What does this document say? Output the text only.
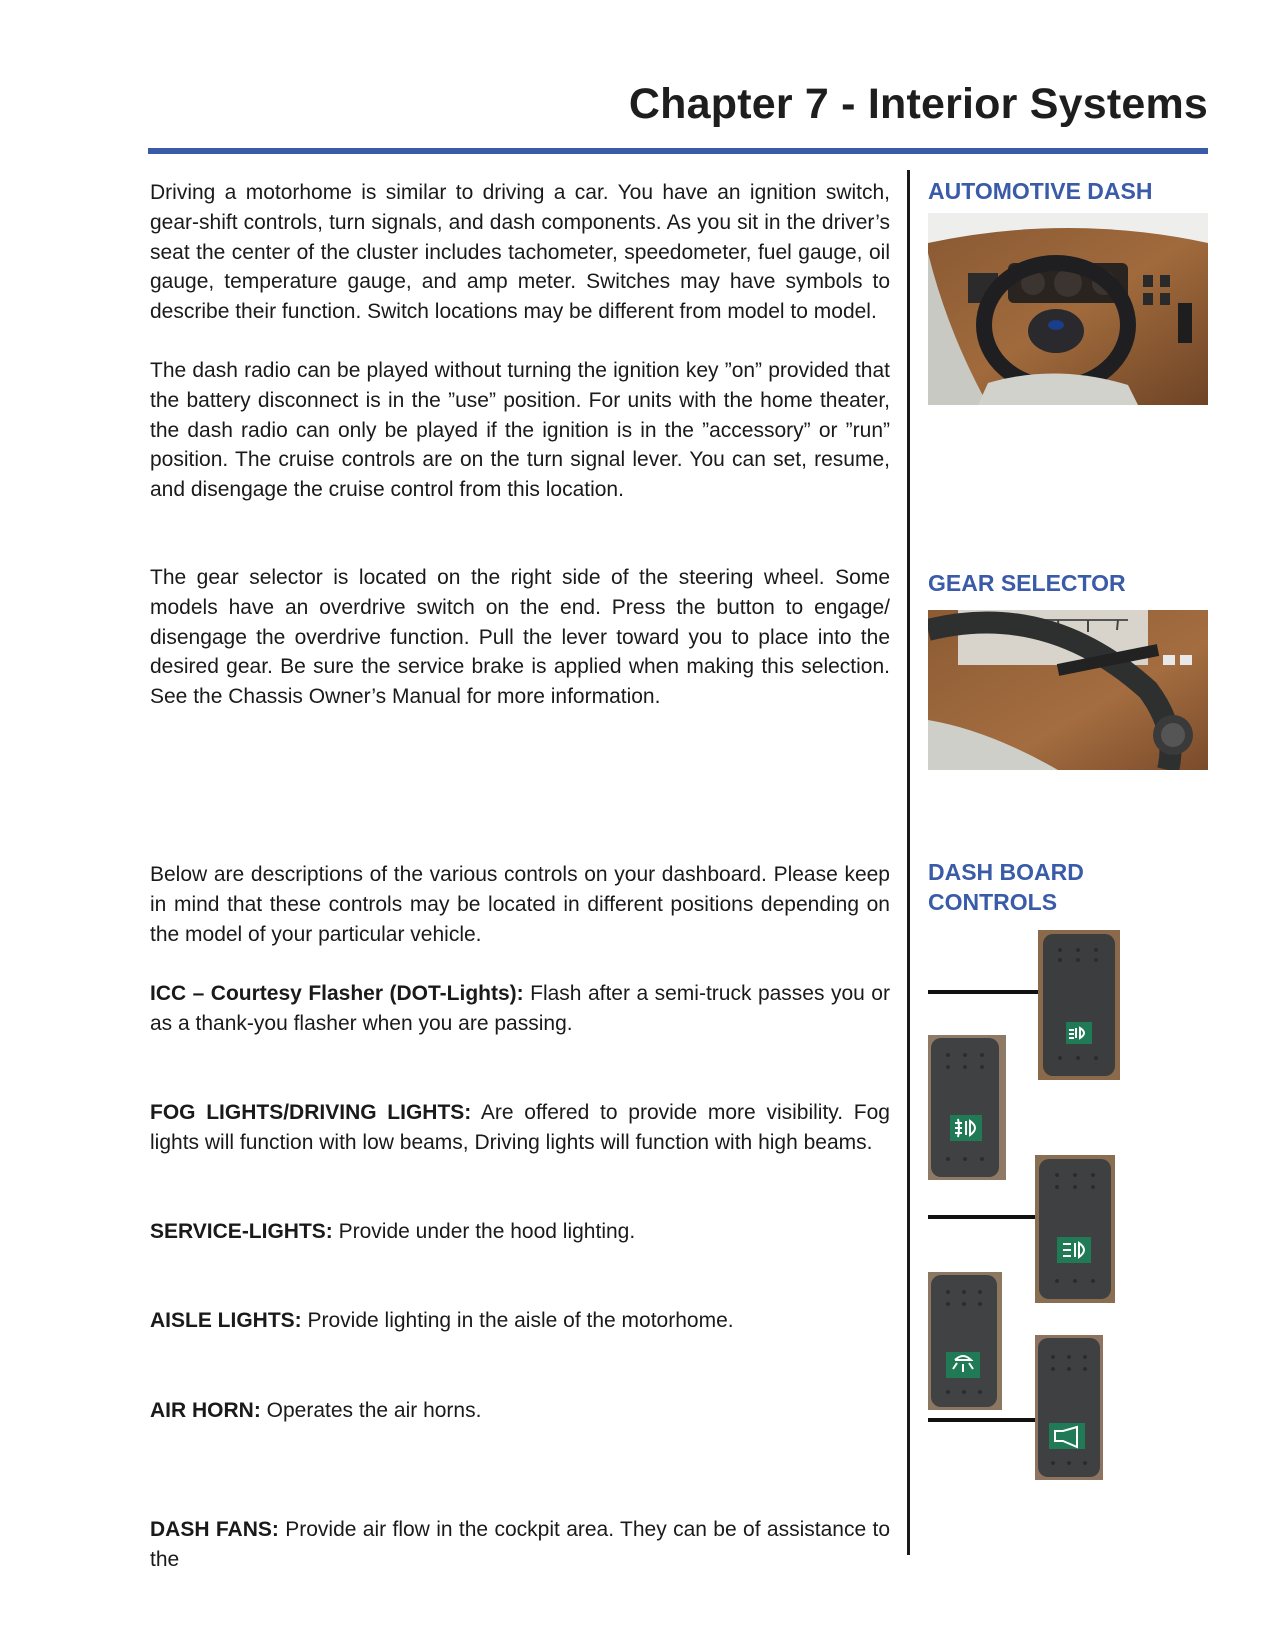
Chapter 7 - Interior Systems

Driving a motorhome is similar to driving a car. You have an ignition switch, gear-shift controls, turn signals, and dash components. As you sit in the driver’s seat the center of the cluster includes tachometer, speedometer, fuel gauge, oil gauge, temperature gauge, and amp meter. Switches may have symbols to describe their function. Switch locations may be different from model to model.

The dash radio can be played without turning the ignition key ”on” provided that the battery disconnect is in the ”use” position. For units with the home theater, the dash radio can only be played if the ignition is in the ”accessory” or ”run” position. The cruise controls are on the turn signal lever. You can set, resume, and disengage the cruise control from this location.

The gear selector is located on the right side of the steering wheel. Some models have an overdrive switch on the end. Press the button to engage/ disengage the overdrive function. Pull the lever toward you to place into the desired gear. Be sure the service brake is applied when making this selection. See the Chassis Owner’s Manual for more information.

Below are descriptions of the various controls on your dashboard. Please keep in mind that these controls may be located in different positions depending on the model of your particular vehicle.

ICC – Courtesy Flasher (DOT-Lights): Flash after a semi-truck passes you or as a thank-you flasher when you are passing.

FOG LIGHTS/DRIVING LIGHTS: Are offered to provide more visibility. Fog lights will function with low beams, Driving lights will function with high beams.

SERVICE-LIGHTS: Provide under the hood lighting.

AISLE LIGHTS: Provide lighting in the aisle of the motorhome.

AIR HORN: Operates the air horns.

DASH FANS: Provide air flow in the cockpit area. They can be of assistance to the

AUTOMOTIVE DASH
GEAR SELECTOR
DASH BOARD
CONTROLS
